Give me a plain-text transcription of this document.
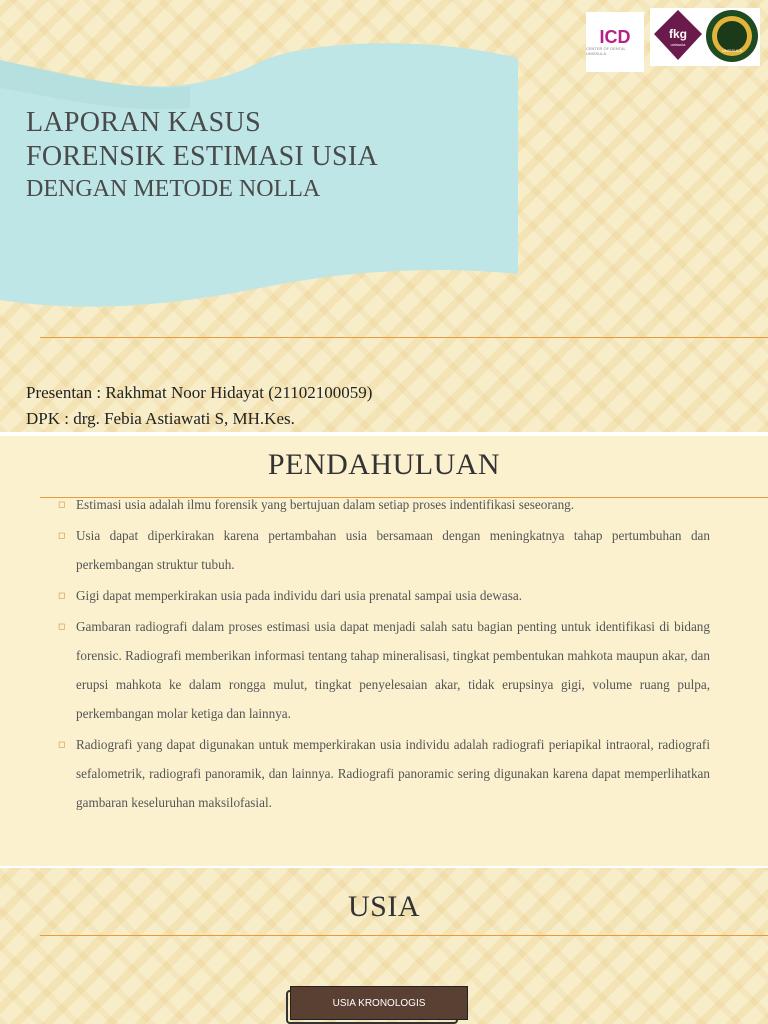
LAPORAN KASUS
FORENSIK ESTIMASI USIA
DENGAN METODE NOLLA
Presentan : Rakhmat Noor Hidayat (21102100059)
DPK : drg. Febia Astiawati S, MH.Kes.
ICD
CENTER OF DENTAL UNISSULA
fkg
unissula
UNISSULA
PENDAHULUAN
◻ Estimasi usia adalah ilmu forensik yang bertujuan dalam setiap proses indentifikasi seseorang.
◻ Usia dapat diperkirakan karena pertambahan usia bersamaan dengan meningkatnya tahap pertumbuhan dan perkembangan struktur tubuh.
◻ Gigi dapat memperkirakan usia pada individu dari usia prenatal sampai usia dewasa.
◻ Gambaran radiografi dalam proses estimasi usia dapat menjadi salah satu bagian penting untuk identifikasi di bidang forensic. Radiografi memberikan informasi tentang tahap mineralisasi, tingkat pembentukan mahkota maupun akar, dan erupsi mahkota ke dalam rongga mulut, tingkat penyelesaian akar, tidak erupsinya gigi, volume ruang pulpa, perkembangan molar ketiga dan lainnya.
◻ Radiografi yang dapat digunakan untuk memperkirakan usia individu adalah radiografi periapikal intraoral, radiografi sefalometrik, radiografi panoramik, dan lainnya. Radiografi panoramic sering digunakan karena dapat memperlihatkan gambaran keseluruhan maksilofasial.
USIA
USIA KRONOLOGIS
